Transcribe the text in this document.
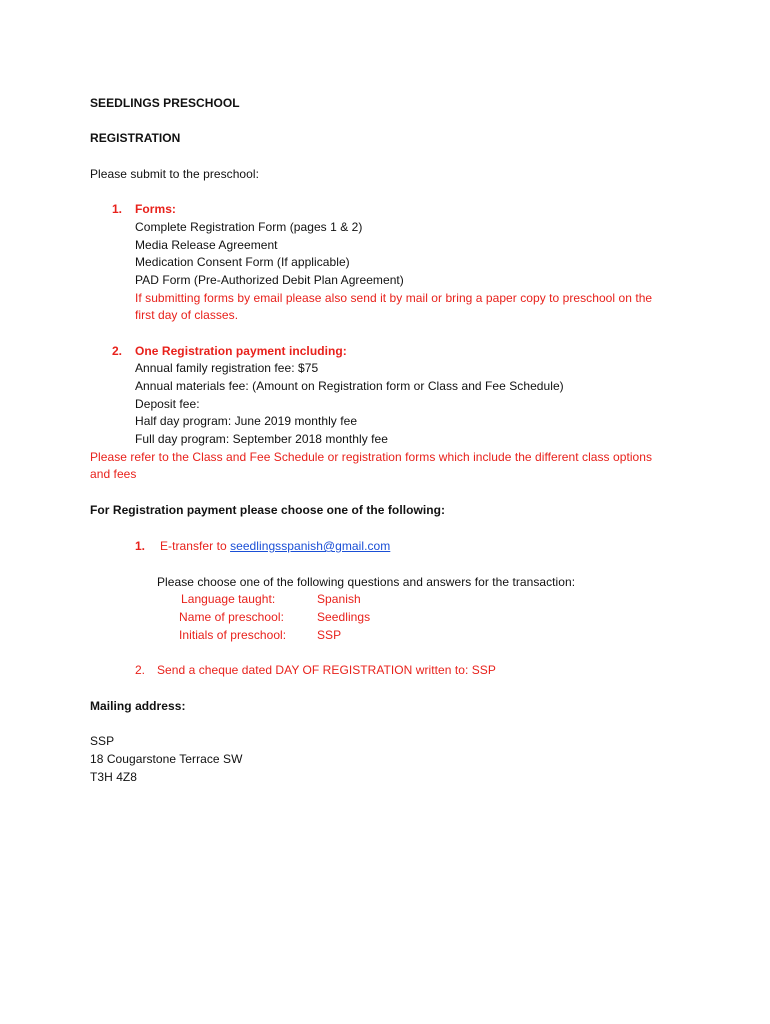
SEEDLINGS PRESCHOOL
REGISTRATION
Please submit to the preschool:
1. Forms:
Complete Registration Form (pages 1 & 2)
Media Release Agreement
Medication Consent Form (If applicable)
PAD Form (Pre-Authorized Debit Plan Agreement)
If submitting forms by email please also send it by mail or bring a paper copy to preschool on the
first day of classes.
2. One Registration payment including:
Annual family registration fee: $75
Annual materials fee: (Amount on Registration form or Class and Fee Schedule)
Deposit fee:
Half day program: June 2019 monthly fee
Full day program: September 2018 monthly fee
Please refer to the Class and Fee Schedule or registration forms which include the different class options
and fees
For Registration payment please choose one of the following:
1. E-transfer to seedlingsspanish@gmail.com
Please choose one of the following questions and answers for the transaction:
Language taught:	Spanish
Name of preschool:	Seedlings
Initials of preschool:	SSP
2. Send a cheque dated DAY OF REGISTRATION written to: SSP
Mailing address:
SSP
18 Cougarstone Terrace SW
T3H 4Z8
